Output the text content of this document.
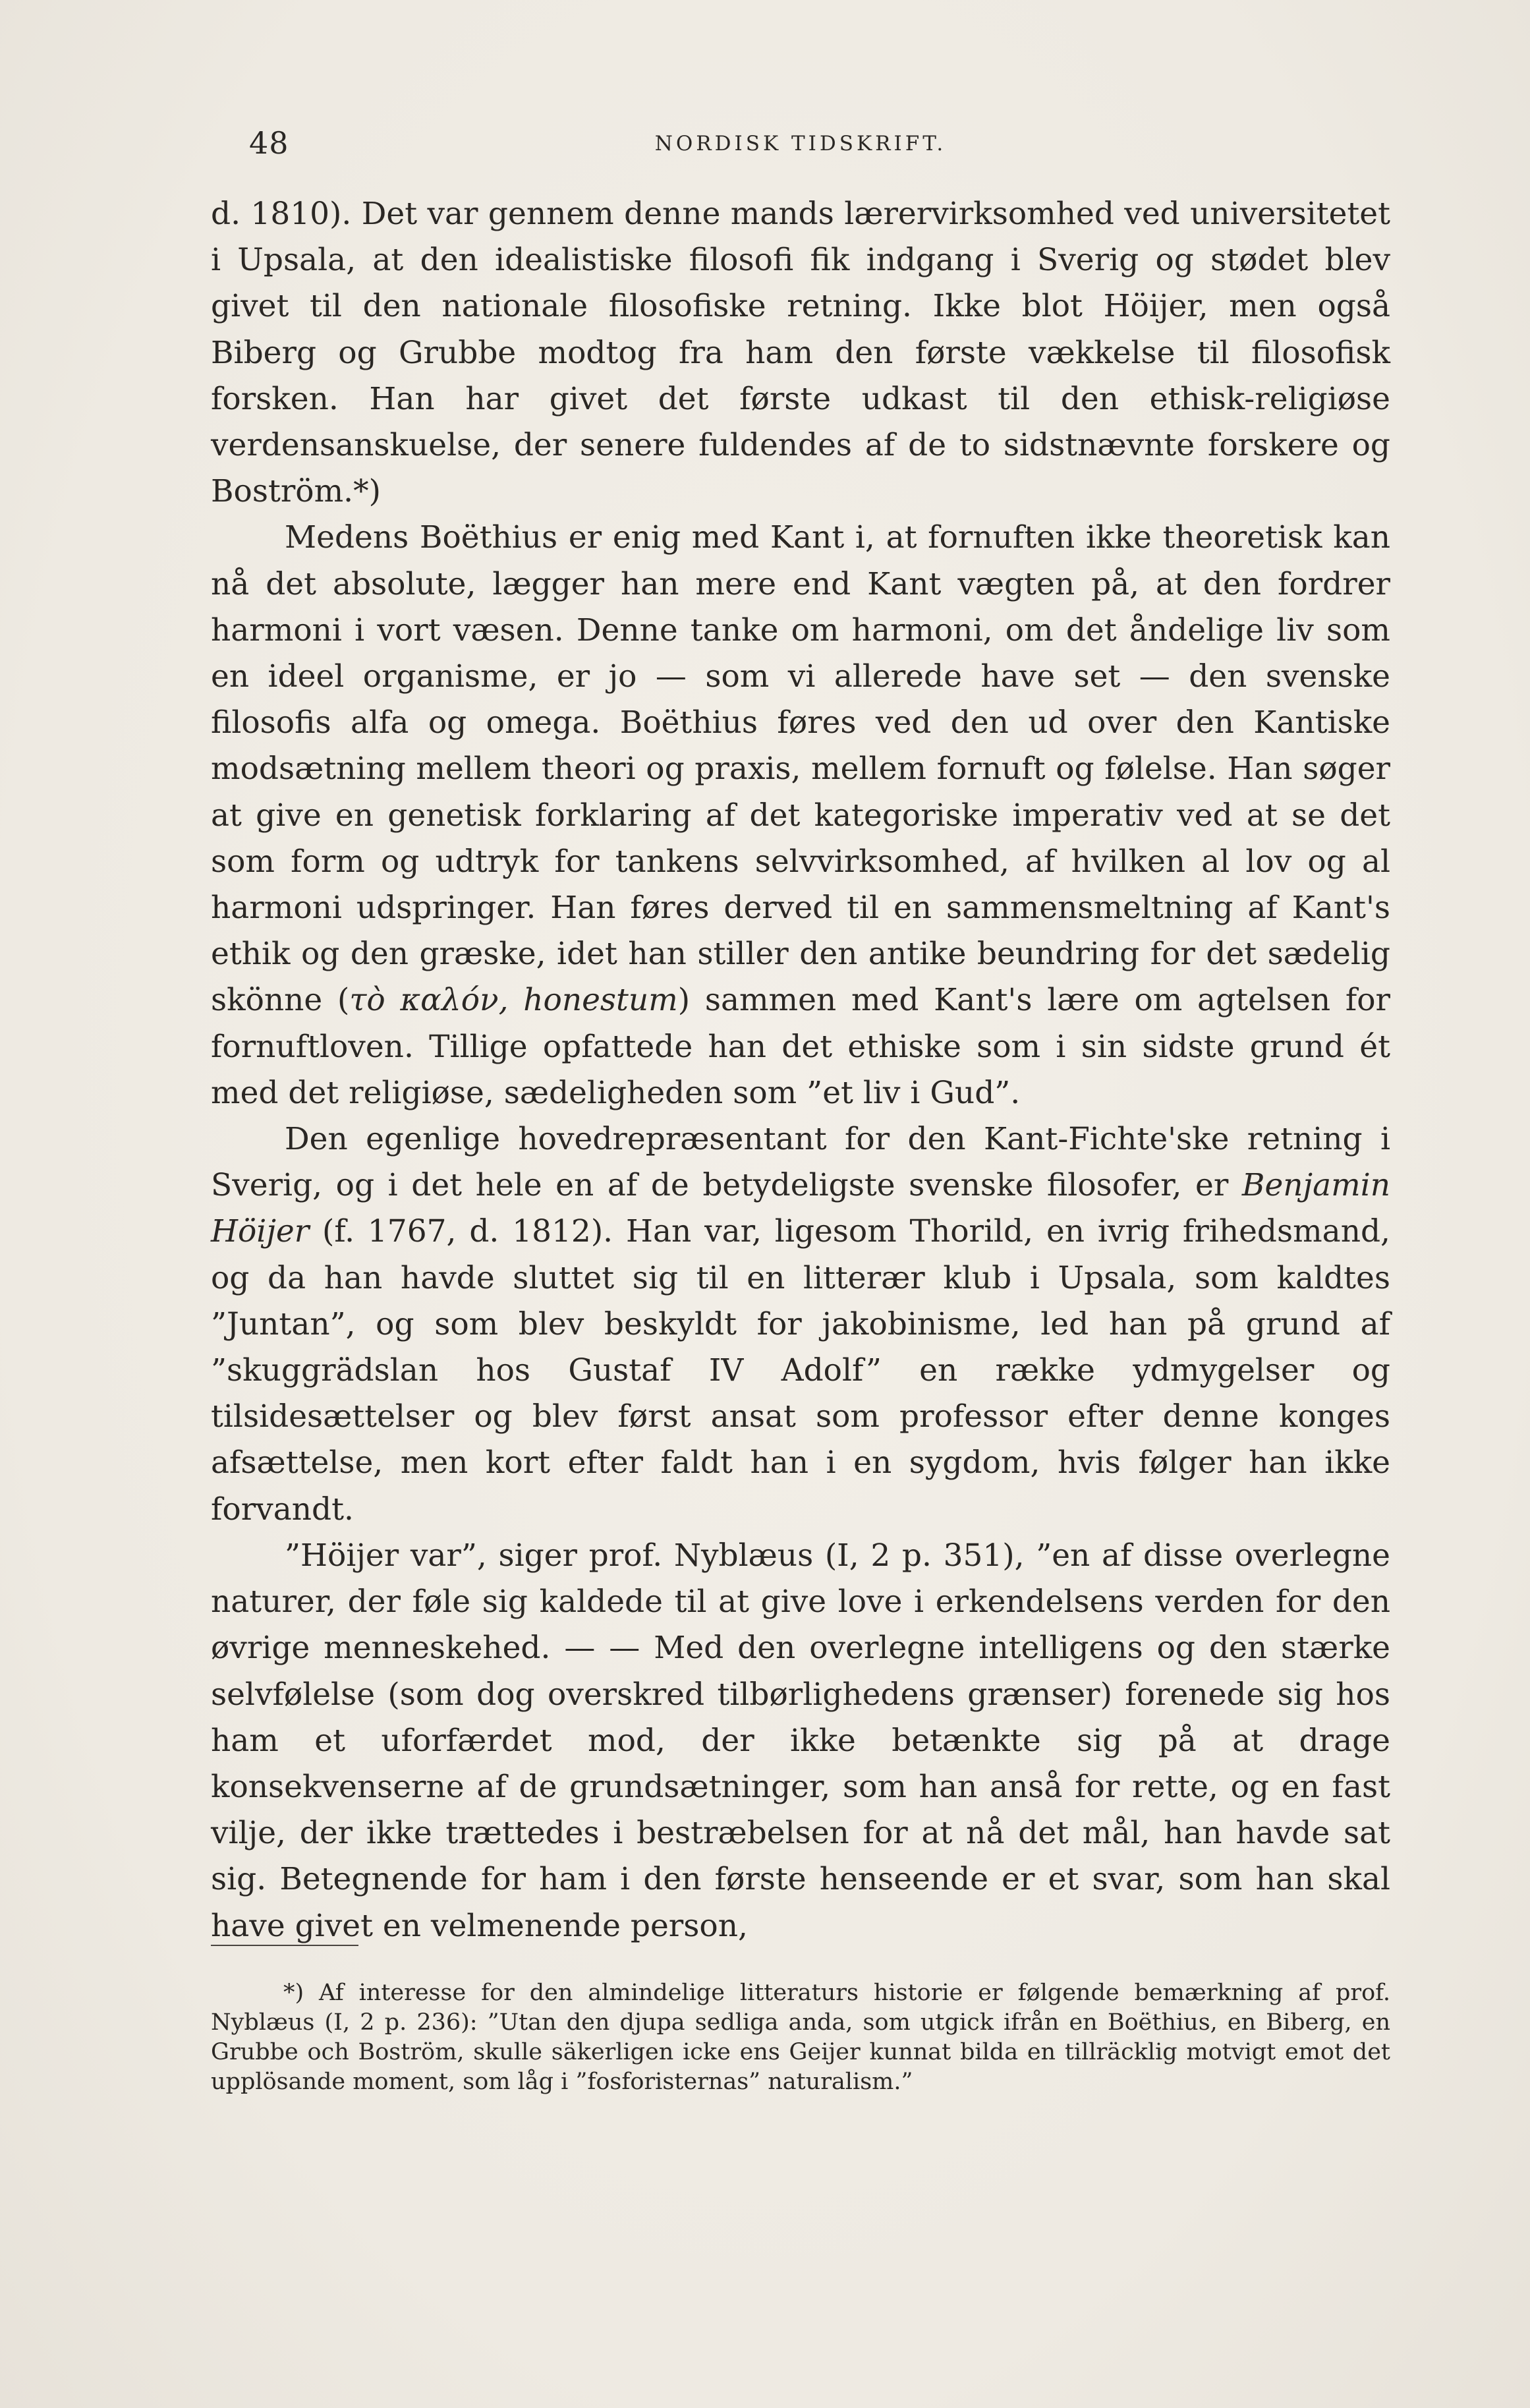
48	NORDISK TIDSKRIFT.

d. 1810). Det var gennem denne mands lærervirksomhed ved universitetet i Upsala, at den idealistiske filosofi fik indgang i Sverig og stødet blev givet til den nationale filosofiske retning. Ikke blot Höijer, men også Biberg og Grubbe modtog fra ham den første vækkelse til filosofisk forsken. Han har givet det første udkast til den ethisk-religiøse verdensanskuelse, der senere fuldendes af de to sidstnævnte forskere og Boström.*)

Medens Boëthius er enig med Kant i, at fornuften ikke theoretisk kan nå det absolute, lægger han mere end Kant vægten på, at den fordrer harmoni i vort væsen. Denne tanke om harmoni, om det åndelige liv som en ideel organisme, er jo — som vi allerede have set — den svenske filosofis alfa og omega. Boëthius føres ved den ud over den Kantiske modsætning mellem theori og praxis, mellem fornuft og følelse. Han søger at give en genetisk forklaring af det kategoriske imperativ ved at se det som form og udtryk for tankens selvvirksomhed, af hvilken al lov og al harmoni udspringer. Han føres derved til en sammensmeltning af Kant's ethik og den græske, idet han stiller den antike beundring for det sædelig skönne (τὸ καλόν, honestum) sammen med Kant's lære om agtelsen for fornuftloven. Tillige opfattede han det ethiske som i sin sidste grund ét med det religiøse, sædeligheden som ”et liv i Gud”.

Den egenlige hovedrepræsentant for den Kant-Fichte'ske retning i Sverig, og i det hele en af de betydeligste svenske filosofer, er Benjamin Höijer (f. 1767, d. 1812). Han var, ligesom Thorild, en ivrig frihedsmand, og da han havde sluttet sig til en litterær klub i Upsala, som kaldtes ”Juntan”, og som blev beskyldt for jakobinisme, led han på grund af ”skuggrädslan hos Gustaf IV Adolf” en række ydmygelser og tilsidesættelser og blev først ansat som professor efter denne konges afsættelse, men kort efter faldt han i en sygdom, hvis følger han ikke forvandt.

”Höijer var”, siger prof. Nyblæus (I, 2 p. 351), ”en af disse overlegne naturer, der føle sig kaldede til at give love i erkendelsens verden for den øvrige menneskehed. — — Med den overlegne intelligens og den stærke selvfølelse (som dog overskred tilbørlighedens grænser) forenede sig hos ham et uforfærdet mod, der ikke betænkte sig på at drage konsekvenserne af de grundsætninger, som han anså for rette, og en fast vilje, der ikke trættedes i bestræbelsen for at nå det mål, han havde sat sig. Betegnende for ham i den første henseende er et svar, som han skal have givet en velmenende person,

*) Af interesse for den almindelige litteraturs historie er følgende bemærkning af prof. Nyblæus (I, 2 p. 236): ”Utan den djupa sedliga anda, som utgick ifrån en Boëthius, en Biberg, en Grubbe och Boström, skulle säkerligen icke ens Geijer kunnat bilda en tillräcklig motvigt emot det upplösande moment, som låg i ”fosforisternas” naturalism.”
